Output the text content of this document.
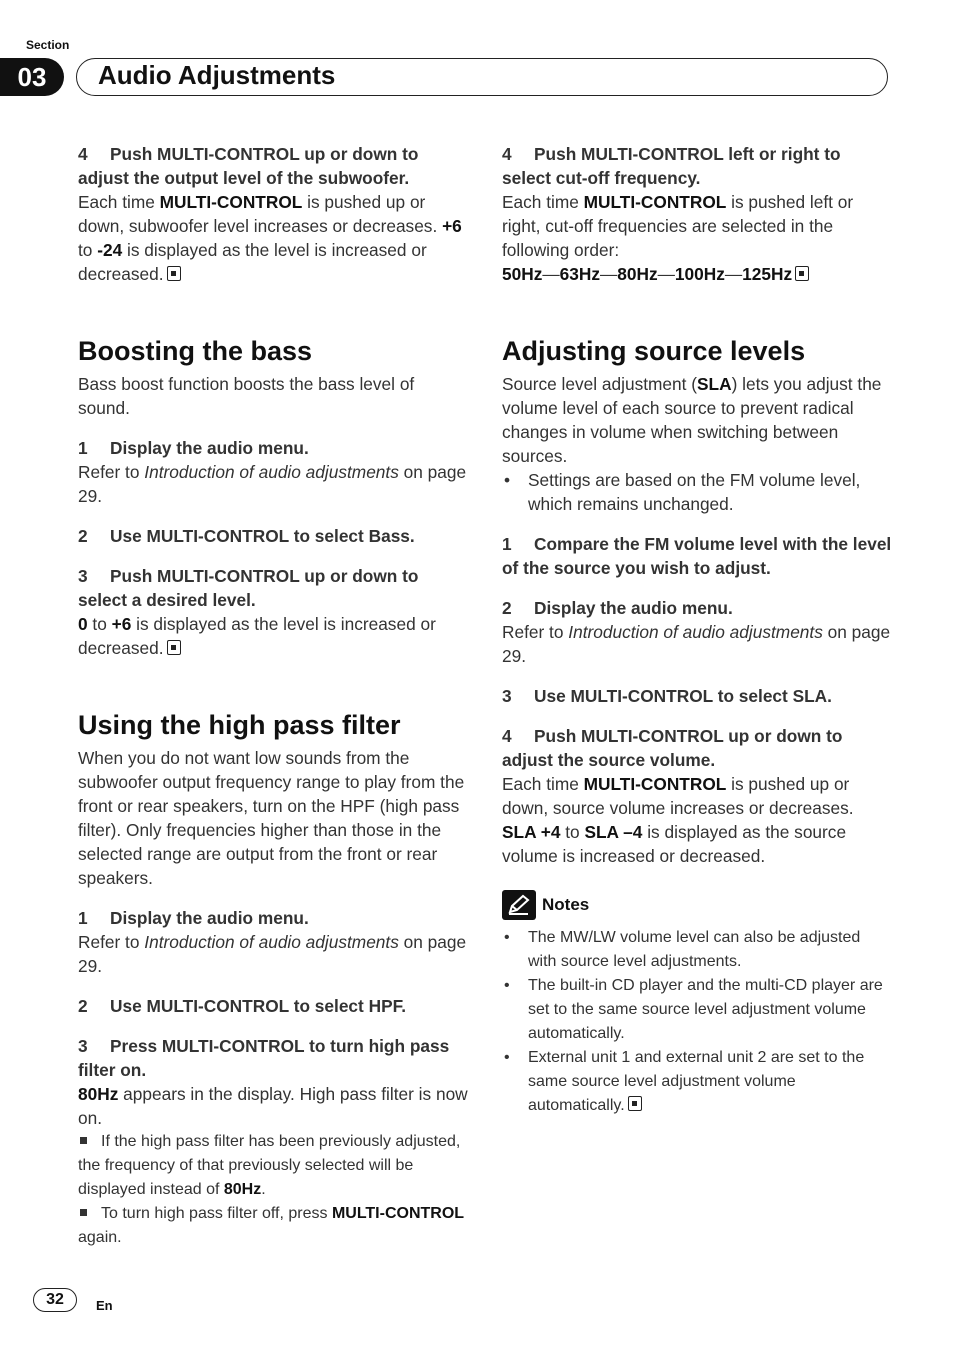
Section
03	Audio Adjustments

4 Push MULTI-CONTROL up or down to adjust the output level of the subwoofer.

Each time MULTI-CONTROL is pushed up or down, subwoofer level increases or decreases. +6 to -24 is displayed as the level is increased or decreased.

Boosting the bass

Bass boost function boosts the bass level of sound.

1 Display the audio menu.

Refer to Introduction of audio adjustments on page 29.

2 Use MULTI-CONTROL to select Bass.

3 Push MULTI-CONTROL up or down to select a desired level.

0 to +6 is displayed as the level is increased or decreased.

Using the high pass filter

When you do not want low sounds from the subwoofer output frequency range to play from the front or rear speakers, turn on the HPF (high pass filter). Only frequencies higher than those in the selected range are output from the front or rear speakers.

1 Display the audio menu.

Refer to Introduction of audio adjustments on page 29.

2 Use MULTI-CONTROL to select HPF.

3 Press MULTI-CONTROL to turn high pass filter on.

80Hz appears in the display. High pass filter is now on.

If the high pass filter has been previously adjusted, the frequency of that previously selected will be displayed instead of 80Hz.

To turn high pass filter off, press MULTI-CONTROL again.

4 Push MULTI-CONTROL left or right to select cut-off frequency.

Each time MULTI-CONTROL is pushed left or right, cut-off frequencies are selected in the following order:

50Hz—63Hz—80Hz—100Hz—125Hz

Adjusting source levels

Source level adjustment (SLA) lets you adjust the volume level of each source to prevent radical changes in volume when switching between sources.

•	Settings are based on the FM volume level, which remains unchanged.

1 Compare the FM volume level with the level of the source you wish to adjust.

2 Display the audio menu.

Refer to Introduction of audio adjustments on page 29.

3 Use MULTI-CONTROL to select SLA.

4 Push MULTI-CONTROL up or down to adjust the source volume.

Each time MULTI-CONTROL is pushed up or down, source volume increases or decreases. SLA +4 to SLA –4 is displayed as the source volume is increased or decreased.

Notes
•	The MW/LW volume level can also be adjusted with source level adjustments.
•	The built-in CD player and the multi-CD player are set to the same source level adjustment volume automatically.
•	External unit 1 and external unit 2 are set to the same source level adjustment volume automatically.
32	En
